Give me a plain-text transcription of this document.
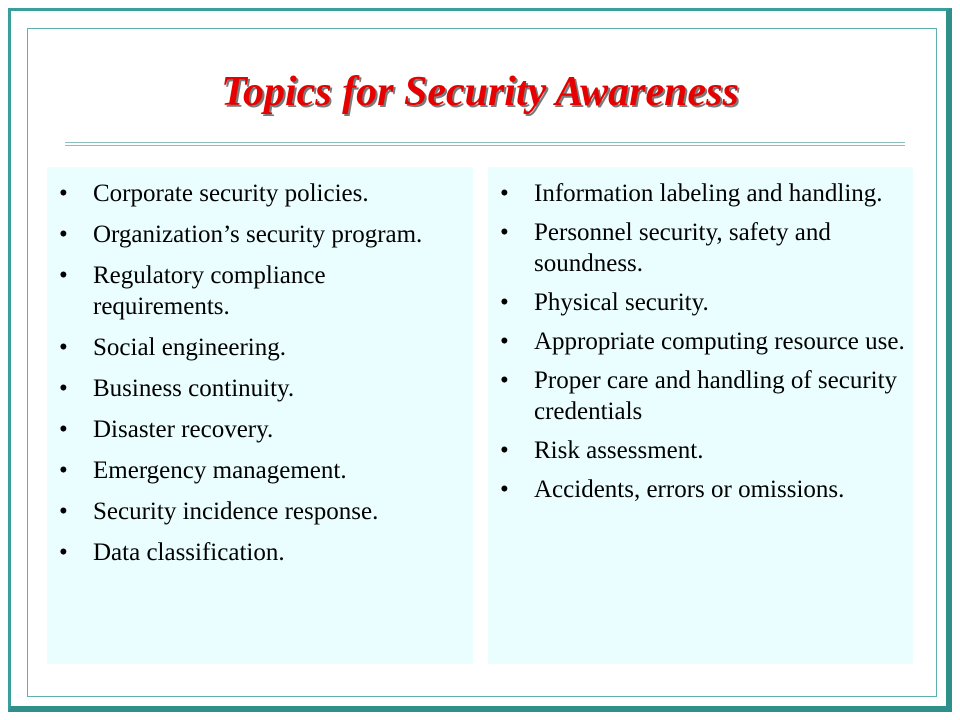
Topics for Security Awareness
• Corporate security policies.
• Organization’s security program.
• Regulatory compliance requirements.
• Social engineering.
• Business continuity.
• Disaster recovery.
• Emergency management.
• Security incidence response.
• Data classification.
• Information labeling and handling.
• Personnel security, safety and soundness.
• Physical security.
• Appropriate computing resource use.
• Proper care and handling of security credentials
• Risk assessment.
• Accidents, errors or omissions.
